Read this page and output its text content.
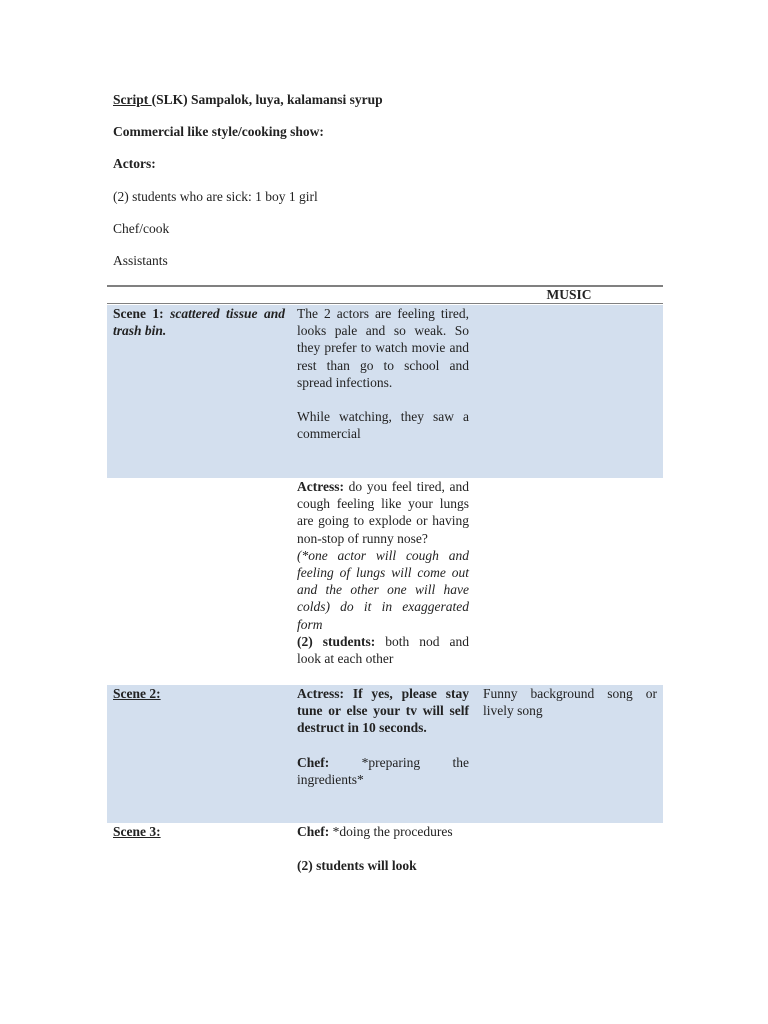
Script (SLK) Sampalok, luya, kalamansi syrup
Commercial like style/cooking show:
Actors:
(2) students who are sick: 1 boy 1 girl
Chef/cook
Assistants
MUSIC

Scene 1: scattered tissue and trash bin.

The 2 actors are feeling tired, looks pale and so weak. So they prefer to watch movie and rest than go to school and spread infections.

While watching, they saw a commercial

Actress: do you feel tired, and cough feeling like your lungs are going to explode or having non-stop of runny nose?

(*one actor will cough and feeling of lungs will come out and the other one will have colds) do it in exaggerated form

(2) students: both nod and look at each other

Scene 2:	Actress: If yes, please stay tune or else your tv will self destruct in 10 seconds.

Chef: *preparing the ingredients*

Funny background song or lively song

Scene 3:	Chef: *doing the procedures

(2) students will look
